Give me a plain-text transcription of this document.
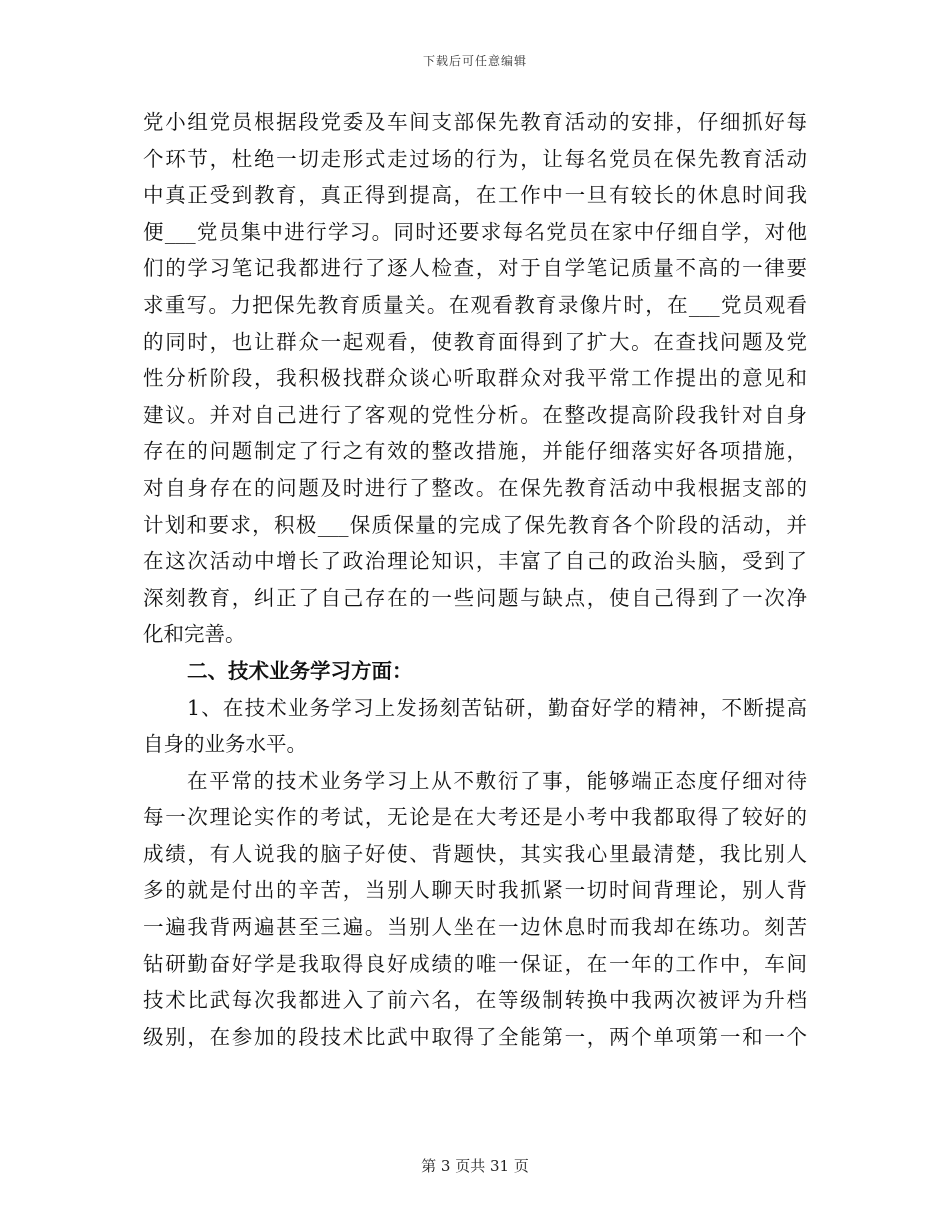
下载后可任意编辑
党小组党员根据段党委及车间支部保先教育活动的安排，仔细抓好每
个环节，杜绝一切走形式走过场的行为，让每名党员在保先教育活动
中真正受到教育，真正得到提高，在工作中一旦有较长的休息时间我
便___党员集中进行学习。同时还要求每名党员在家中仔细自学，对他
们的学习笔记我都进行了逐人检查，对于自学笔记质量不高的一律要
求重写。力把保先教育质量关。在观看教育录像片时，在___党员观看
的同时，也让群众一起观看，使教育面得到了扩大。在查找问题及党
性分析阶段，我积极找群众谈心听取群众对我平常工作提出的意见和
建议。并对自己进行了客观的党性分析。在整改提高阶段我针对自身
存在的问题制定了行之有效的整改措施，并能仔细落实好各项措施，
对自身存在的问题及时进行了整改。在保先教育活动中我根据支部的
计划和要求，积极___保质保量的完成了保先教育各个阶段的活动，并
在这次活动中增长了政治理论知识，丰富了自己的政治头脑，受到了
深刻教育，纠正了自己存在的一些问题与缺点，使自己得到了一次净
化和完善。
二、技术业务学习方面：
1、在技术业务学习上发扬刻苦钻研，勤奋好学的精神，不断提高
自身的业务水平。
在平常的技术业务学习上从不敷衍了事，能够端正态度仔细对待
每一次理论实作的考试，无论是在大考还是小考中我都取得了较好的
成绩，有人说我的脑子好使、背题快，其实我心里最清楚，我比别人
多的就是付出的辛苦，当别人聊天时我抓紧一切时间背理论，别人背
一遍我背两遍甚至三遍。当别人坐在一边休息时而我却在练功。刻苦
钻研勤奋好学是我取得良好成绩的唯一保证，在一年的工作中，车间
技术比武每次我都进入了前六名，在等级制转换中我两次被评为升档
级别，在参加的段技术比武中取得了全能第一，两个单项第一和一个
第 3 页共 31 页
